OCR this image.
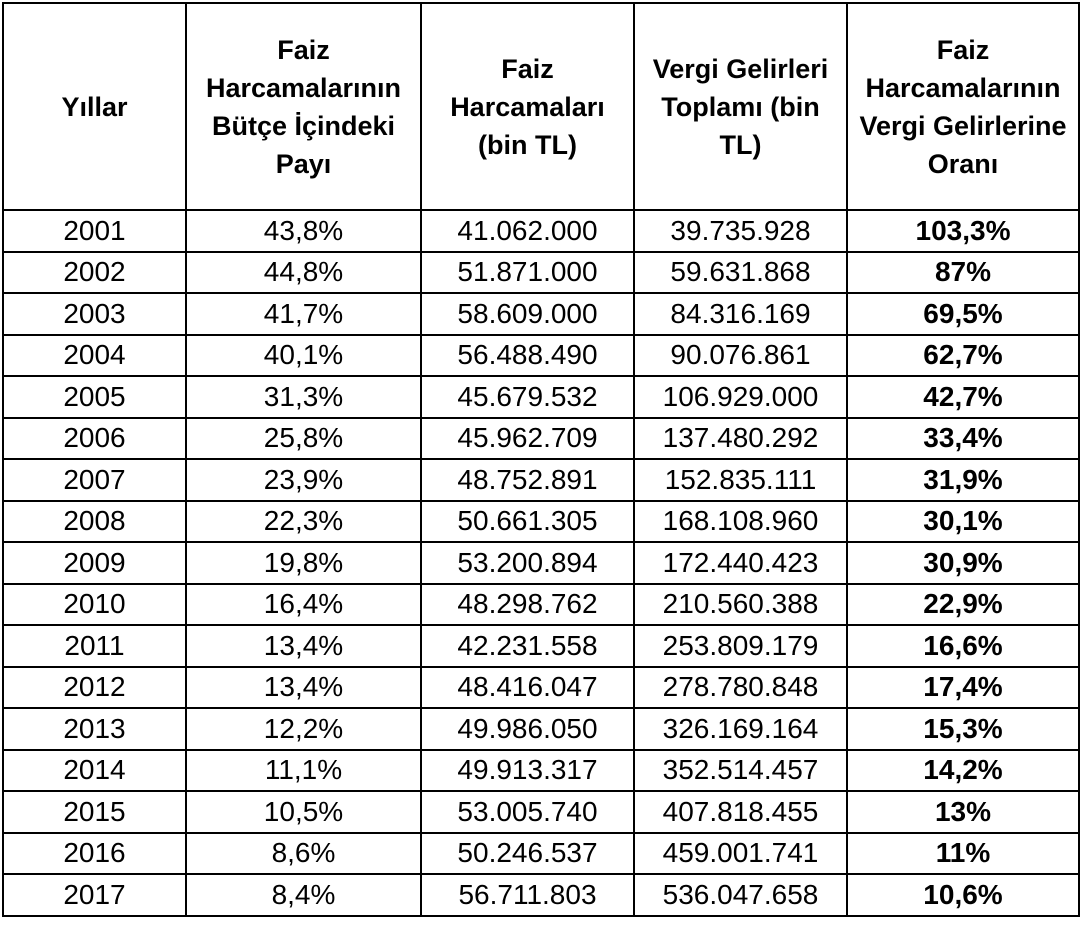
Yıllar	Faiz Harcamalarının Bütçe İçindeki Payı	Faiz Harcamaları (bin TL)	Vergi Gelirleri Toplamı (bin TL)	Faiz Harcamalarının Vergi Gelirlerine Oranı
2001	43,8%	41.062.000	39.735.928	103,3%
2002	44,8%	51.871.000	59.631.868	87%
2003	41,7%	58.609.000	84.316.169	69,5%
2004	40,1%	56.488.490	90.076.861	62,7%
2005	31,3%	45.679.532	106.929.000	42,7%
2006	25,8%	45.962.709	137.480.292	33,4%
2007	23,9%	48.752.891	152.835.111	31,9%
2008	22,3%	50.661.305	168.108.960	30,1%
2009	19,8%	53.200.894	172.440.423	30,9%
2010	16,4%	48.298.762	210.560.388	22,9%
2011	13,4%	42.231.558	253.809.179	16,6%
2012	13,4%	48.416.047	278.780.848	17,4%
2013	12,2%	49.986.050	326.169.164	15,3%
2014	11,1%	49.913.317	352.514.457	14,2%
2015	10,5%	53.005.740	407.818.455	13%
2016	8,6%	50.246.537	459.001.741	11%
2017	8,4%	56.711.803	536.047.658	10,6%
